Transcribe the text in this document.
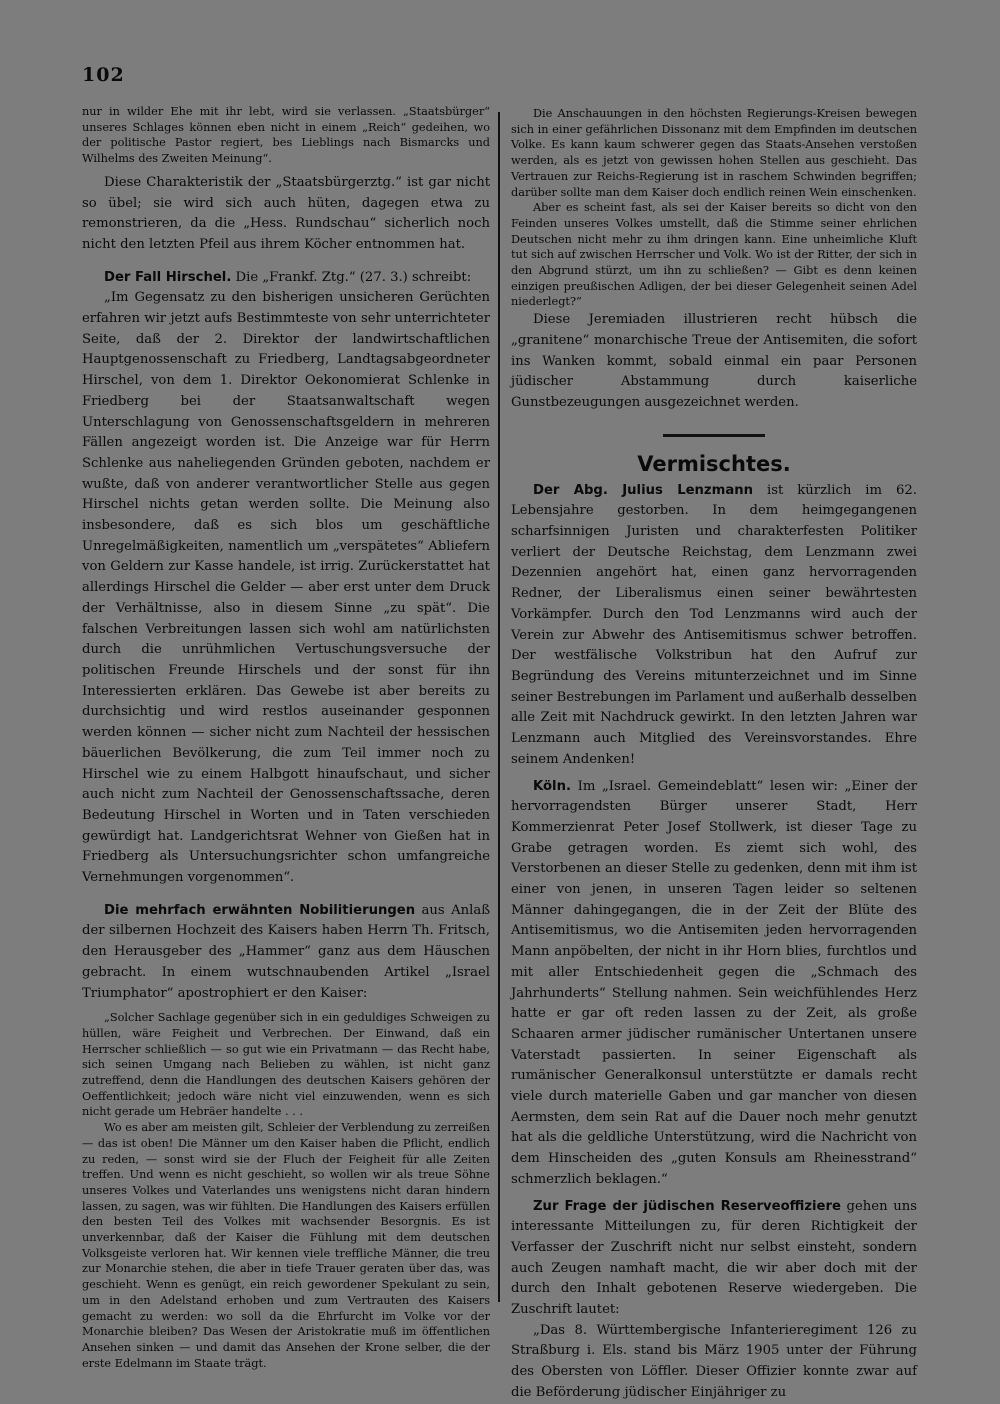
102

nur in wilder Ehe mit ihr lebt, wird sie verlassen. „Staatsbürger“ unseres Schlages können eben nicht in einem „Reich“ gedeihen, wo der politische Pastor regiert, bes Lieblings nach Bismarcks und Wilhelms des Zweiten Meinung“.

Diese Charakteristik der „Staatsbürgerztg.“ ist gar nicht so übel; sie wird sich auch hüten, dagegen etwa zu remonstrieren, da die „Hess. Rundschau“ sicherlich noch nicht den letzten Pfeil aus ihrem Köcher entnommen hat.

Der Fall Hirschel. Die „Frankf. Ztg.“ (27. 3.) schreibt:

„Im Gegensatz zu den bisherigen unsicheren Gerüchten erfahren wir jetzt aufs Bestimmteste von sehr unterrichteter Seite, daß der 2. Direktor der landwirtschaftlichen Hauptgenossenschaft zu Friedberg, Landtagsabgeordneter Hirschel, von dem 1. Direktor Oekonomierat Schlenke in Friedberg bei der Staatsanwaltschaft wegen Unterschlagung von Genossenschaftsgeldern in mehreren Fällen angezeigt worden ist. Die Anzeige war für Herrn Schlenke aus naheliegenden Gründen geboten, nachdem er wußte, daß von anderer verantwortlicher Stelle aus gegen Hirschel nichts getan werden sollte. Die Meinung also insbesondere, daß es sich blos um geschäftliche Unregelmäßigkeiten, namentlich um „verspätetes“ Abliefern von Geldern zur Kasse handele, ist irrig. Zurückerstattet hat allerdings Hirschel die Gelder — aber erst unter dem Druck der Verhältnisse, also in diesem Sinne „zu spät“. Die falschen Verbreitungen lassen sich wohl am natürlichsten durch die unrühmlichen Vertuschungsversuche der politischen Freunde Hirschels und der sonst für ihn Interessierten erklären. Das Gewebe ist aber bereits zu durchsichtig und wird restlos auseinander gesponnen werden können — sicher nicht zum Nachteil der hessischen bäuerlichen Bevölkerung, die zum Teil immer noch zu Hirschel wie zu einem Halbgott hinaufschaut, und sicher auch nicht zum Nachteil der Genossenschaftssache, deren Bedeutung Hirschel in Worten und in Taten verschieden gewürdigt hat. Landgerichtsrat Wehner von Gießen hat in Friedberg als Untersuchungsrichter schon umfangreiche Vernehmungen vorgenommen“.

Die mehrfach erwähnten Nobilitierungen aus Anlaß der silbernen Hochzeit des Kaisers haben Herrn Th. Fritsch, den Herausgeber des „Hammer“ ganz aus dem Häuschen gebracht. In einem wutschnaubenden Artikel „Israel Triumphator“ apostrophiert er den Kaiser:

„Solcher Sachlage gegenüber sich in ein geduldiges Schweigen zu hüllen, wäre Feigheit und Verbrechen. Der Einwand, daß ein Herrscher schließlich — so gut wie ein Privatmann — das Recht habe, sich seinen Umgang nach Belieben zu wählen, ist nicht ganz zutreffend, denn die Handlungen des deutschen Kaisers gehören der Oeffentlichkeit; jedoch wäre nicht viel einzuwenden, wenn es sich nicht gerade um Hebräer handelte . . .

Wo es aber am meisten gilt, Schleier der Verblendung zu zerreißen — das ist oben! Die Männer um den Kaiser haben die Pflicht, endlich zu reden, — sonst wird sie der Fluch der Feigheit für alle Zeiten treffen. Und wenn es nicht geschieht, so wollen wir als treue Söhne unseres Volkes und Vaterlandes uns wenigstens nicht daran hindern lassen, zu sagen, was wir fühlten. Die Handlungen des Kaisers erfüllen den besten Teil des Volkes mit wachsender Besorgnis. Es ist unverkennbar, daß der Kaiser die Fühlung mit dem deutschen Volksgeiste verloren hat. Wir kennen viele treffliche Männer, die treu zur Monarchie stehen, die aber in tiefe Trauer geraten über das, was geschieht. Wenn es genügt, ein reich gewordener Spekulant zu sein, um in den Adelstand erhoben und zum Vertrauten des Kaisers gemacht zu werden: wo soll da die Ehrfurcht im Volke vor der Monarchie bleiben? Das Wesen der Aristokratie muß im öffentlichen Ansehen sinken — und damit das Ansehen der Krone selber, die der erste Edelmann im Staate trägt.

Die Anschauungen in den höchsten Regierungs-Kreisen bewegen sich in einer gefährlichen Dissonanz mit dem Empfinden im deutschen Volke. Es kann kaum schwerer gegen das Staats-Ansehen verstoßen werden, als es jetzt von gewissen hohen Stellen aus geschieht. Das Vertrauen zur Reichs-Regierung ist in raschem Schwinden begriffen; darüber sollte man dem Kaiser doch endlich reinen Wein einschenken.

Aber es scheint fast, als sei der Kaiser bereits so dicht von den Feinden unseres Volkes umstellt, daß die Stimme seiner ehrlichen Deutschen nicht mehr zu ihm dringen kann. Eine unheimliche Kluft tut sich auf zwischen Herrscher und Volk. Wo ist der Ritter, der sich in den Abgrund stürzt, um ihn zu schließen? — Gibt es denn keinen einzigen preußischen Adligen, der bei dieser Gelegenheit seinen Adel niederlegt?“

Diese Jeremiaden illustrieren recht hübsch die „granitene“ monarchische Treue der Antisemiten, die sofort ins Wanken kommt, sobald einmal ein paar Personen jüdischer Abstammung durch kaiserliche Gunstbezeugungen ausgezeichnet werden.

Vermischtes.

Der Abg. Julius Lenzmann ist kürzlich im 62. Lebensjahre gestorben. In dem heimgegangenen scharfsinnigen Juristen und charakterfesten Politiker verliert der Deutsche Reichstag, dem Lenzmann zwei Dezennien angehört hat, einen ganz hervorragenden Redner, der Liberalismus einen seiner bewährtesten Vorkämpfer. Durch den Tod Lenzmanns wird auch der Verein zur Abwehr des Antisemitismus schwer betroffen. Der westfälische Volkstribun hat den Aufruf zur Begründung des Vereins mitunterzeichnet und im Sinne seiner Bestrebungen im Parlament und außerhalb desselben alle Zeit mit Nachdruck gewirkt. In den letzten Jahren war Lenzmann auch Mitglied des Vereinsvorstandes. Ehre seinem Andenken!

Köln. Im „Israel. Gemeindeblatt“ lesen wir: „Einer der hervorragendsten Bürger unserer Stadt, Herr Kommerzienrat Peter Josef Stollwerk, ist dieser Tage zu Grabe getragen worden. Es ziemt sich wohl, des Verstorbenen an dieser Stelle zu gedenken, denn mit ihm ist einer von jenen, in unseren Tagen leider so seltenen Männer dahingegangen, die in der Zeit der Blüte des Antisemitismus, wo die Antisemiten jeden hervorragenden Mann anpöbelten, der nicht in ihr Horn blies, furchtlos und mit aller Entschiedenheit gegen die „Schmach des Jahrhunderts“ Stellung nahmen. Sein weichfühlendes Herz hatte er gar oft reden lassen zu der Zeit, als große Schaaren armer jüdischer rumänischer Untertanen unsere Vaterstadt passierten. In seiner Eigenschaft als rumänischer Generalkonsul unterstützte er damals recht viele durch materielle Gaben und gar mancher von diesen Aermsten, dem sein Rat auf die Dauer noch mehr genutzt hat als die geldliche Unterstützung, wird die Nachricht von dem Hinscheiden des „guten Konsuls am Rheinesstrand“ schmerzlich beklagen.“

Zur Frage der jüdischen Reserveoffiziere gehen uns interessante Mitteilungen zu, für deren Richtigkeit der Verfasser der Zuschrift nicht nur selbst einsteht, sondern auch Zeugen namhaft macht, die wir aber doch mit der durch den Inhalt gebotenen Reserve wiedergeben. Die Zuschrift lautet:

„Das 8. Württembergische Infanterieregiment 126 zu Straßburg i. Els. stand bis März 1905 unter der Führung des Obersten von Löffler. Dieser Offizier konnte zwar auf die Beförderung jüdischer Einjähriger zu
